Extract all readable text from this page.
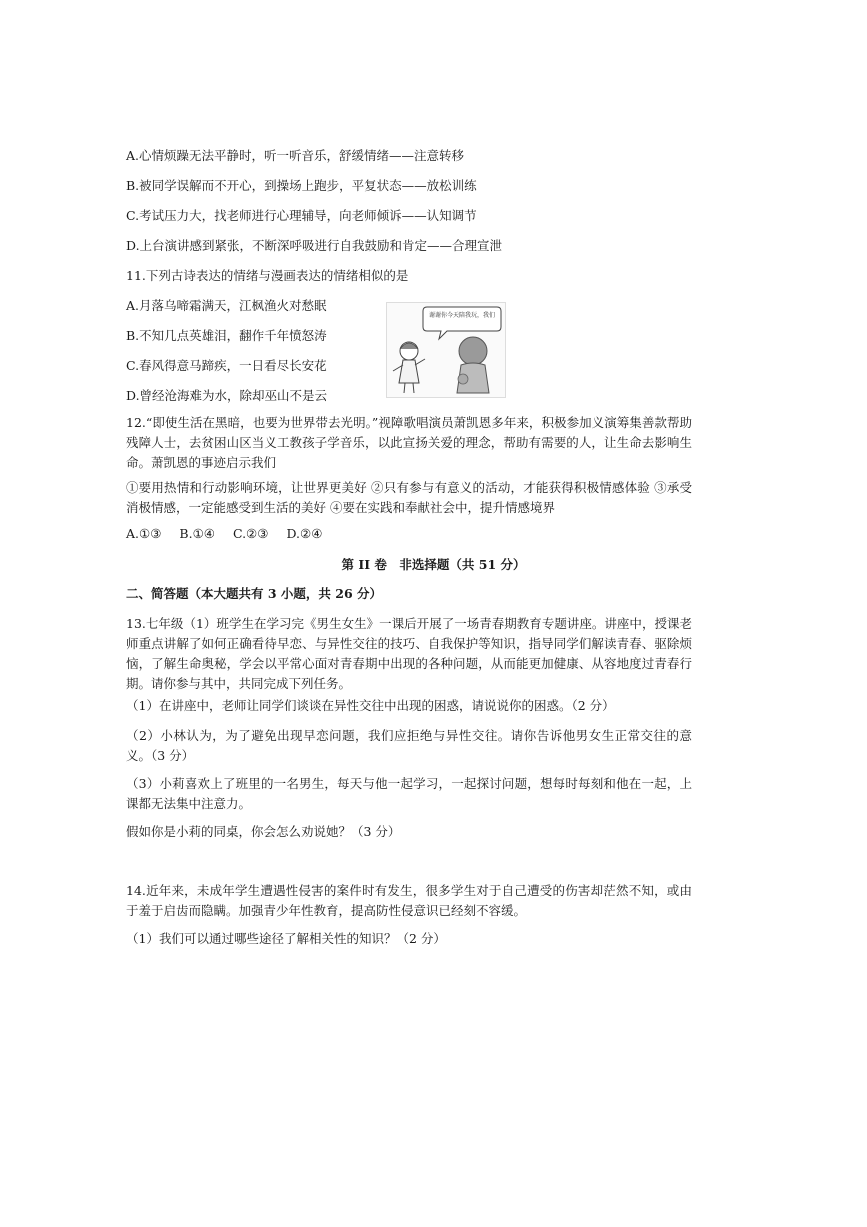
A.心情烦躁无法平静时，听一听音乐，舒缓情绪——注意转移
B.被同学误解而不开心，到操场上跑步，平复状态——放松训练
C.考试压力大，找老师进行心理辅导，向老师倾诉——认知调节
D.上台演讲感到紧张，不断深呼吸进行自我鼓励和肯定——合理宣泄
11.下列古诗表达的情绪与漫画表达的情绪相似的是
A.月落乌啼霜满天，江枫渔火对愁眠
B.不知几点英雄泪，翻作千年愤怒涛
C.春风得意马蹄疾，一日看尽长安花
D.曾经沧海难为水，除却巫山不是云
谢谢你今天陪我玩，我们
12.“即使生活在黑暗，也要为世界带去光明。”视障歌唱演员萧凯恩多年来，积极参加义演筹集善款帮助残障人士，去贫困山区当义工教孩子学音乐，以此宣扬关爱的理念，帮助有需要的人，让生命去影响生命。萧凯恩的事迹启示我们
①要用热情和行动影响环境，让世界更美好 ②只有参与有意义的活动，才能获得积极情感体验 ③承受消极情感，一定能感受到生活的美好 ④要在实践和奉献社会中，提升情感境界
A.①③ B.①④ C.②③ D.②④
第 II 卷　非选择题（共 51 分）
二、简答题（本大题共有 3 小题，共 26 分）
13.七年级（1）班学生在学习完《男生女生》一课后开展了一场青春期教育专题讲座。讲座中，授课老师重点讲解了如何正确看待早恋、与异性交往的技巧、自我保护等知识，指导同学们解读青春、驱除烦恼，了解生命奥秘，学会以平常心面对青春期中出现的各种问题，从而能更加健康、从容地度过青春行期。请你参与其中，共同完成下列任务。
（1）在讲座中，老师让同学们谈谈在异性交往中出现的困惑，请说说你的困惑。（2 分）
（2）小林认为，为了避免出现早恋问题，我们应拒绝与异性交往。请你告诉他男女生正常交往的意义。（3 分）
（3）小莉喜欢上了班里的一名男生，每天与他一起学习，一起探讨问题，想每时每刻和他在一起，上课都无法集中注意力。
假如你是小莉的同桌，你会怎么劝说她？（3 分）
14.近年来，未成年学生遭遇性侵害的案件时有发生，很多学生对于自己遭受的伤害却茫然不知，或由于羞于启齿而隐瞒。加强青少年性教育，提高防性侵意识已经刻不容缓。
（1）我们可以通过哪些途径了解相关性的知识？（2 分）
